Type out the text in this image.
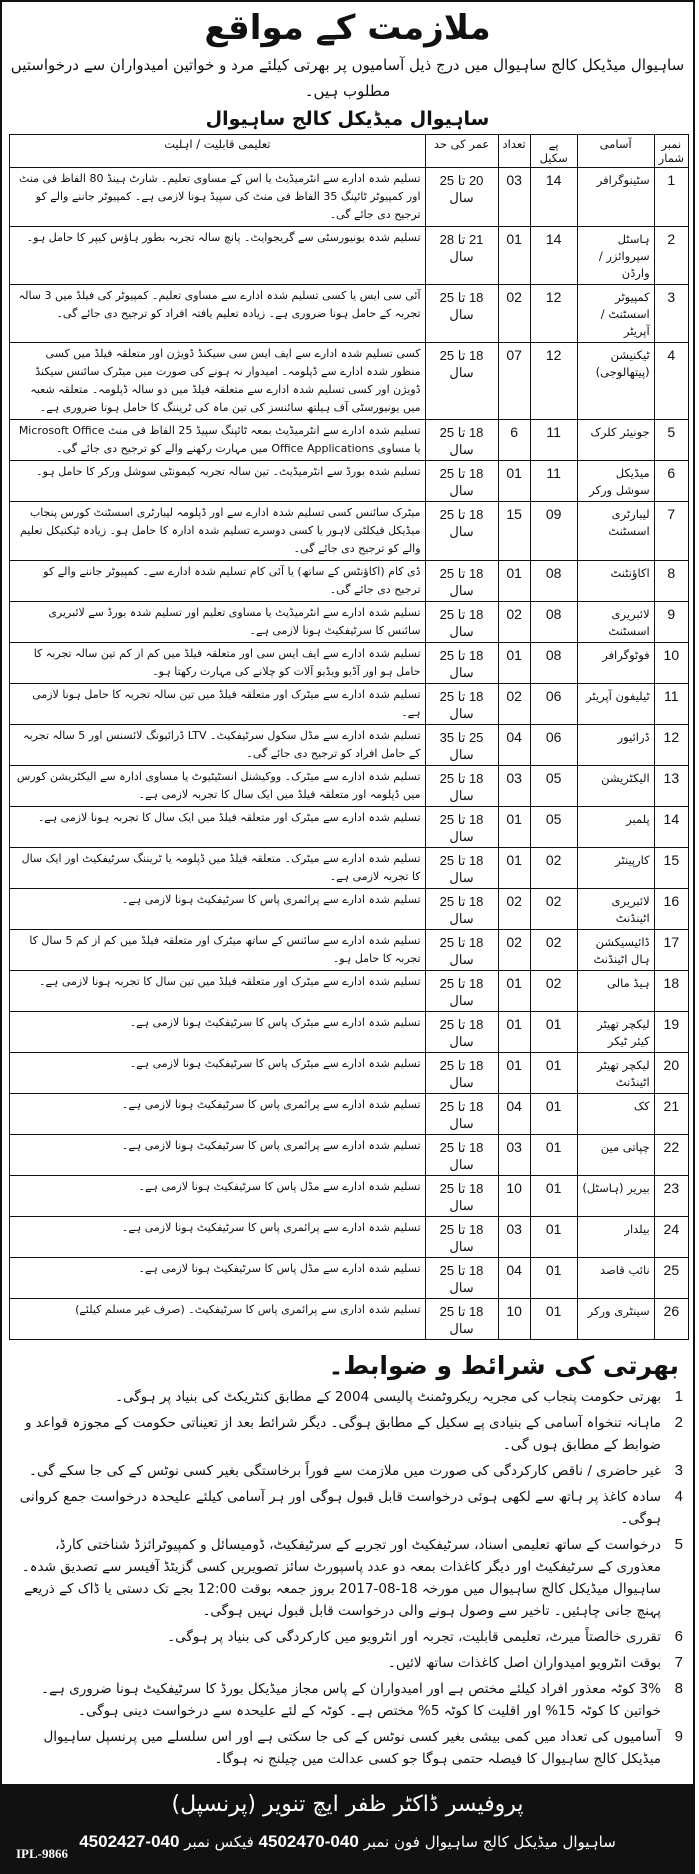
ملازمت کے مواقع
ساہیوال میڈیکل کالج ساہیوال میں درج ذیل آسامیوں پر بھرتی کیلئے مرد و خواتین امیدواران سے درخواستیں مطلوب ہیں۔
ساہیوال میڈیکل کالج ساہیوال
نمبر شمار	آسامی	پے سکیل	تعداد	عمر کی حد	تعلیمی قابلیت / اہلیت
1	سٹینوگرافر	14	03	20 تا 25 سال	تسلیم شدہ ادارے سے انٹرمیڈیٹ یا اس کے مساوی تعلیم۔ شارٹ ہینڈ 80 الفاظ فی منٹ اور کمپیوٹر ٹائپنگ 35 الفاظ فی منٹ کی سپیڈ ہونا لازمی ہے۔ کمپیوٹر جاننے والے کو ترجیح دی جائے گی۔
2	ہاسٹل سپروائزر / وارڈن	14	01	21 تا 28 سال	تسلیم شدہ یونیورسٹی سے گریجوایٹ۔ پانچ سالہ تجربہ بطور ہاؤس کیپر کا حامل ہو۔
3	کمپیوٹر اسسٹنٹ / آپریٹر	12	02	18 تا 25 سال	آئی سی ایس یا کسی تسلیم شدہ ادارے سے مساوی تعلیم۔ کمپیوٹر کی فیلڈ میں 3 سالہ تجربہ کے حامل ہونا ضروری ہے۔ زیادہ تعلیم یافتہ افراد کو ترجیح دی جائے گی۔
4	ٹیکنیشن (پیتھالوجی)	12	07	18 تا 25 سال	کسی تسلیم شدہ ادارے سے ایف ایس سی سیکنڈ ڈویژن اور متعلقہ فیلڈ میں کسی منظور شدہ ادارے سے ڈپلومہ۔ امیدوار نہ ہونے کی صورت میں میٹرک سائنس سیکنڈ ڈویژن اور کسی تسلیم شدہ ادارے سے متعلقہ فیلڈ میں دو سالہ ڈپلومہ۔ متعلقہ شعبہ میں یونیورسٹی آف ہیلتھ سائنسز کی تین ماہ کی ٹریننگ کا حامل ہونا ضروری ہے۔
5	جونیئر کلرک	11	6	18 تا 25 سال	تسلیم شدہ ادارے سے انٹرمیڈیٹ بمعہ ٹائپنگ سپیڈ 25 الفاظ فی منٹ Microsoft Office یا مساوی Office Applications میں مہارت رکھنے والے کو ترجیح دی جائے گی۔
6	میڈیکل سوشل ورکر	11	01	18 تا 25 سال	تسلیم شدہ بورڈ سے انٹرمیڈیٹ۔ تین سالہ تجربہ کیمونٹی سوشل ورکر کا حامل ہو۔
7	لیبارٹری اسسٹنٹ	09	15	18 تا 25 سال	میٹرک سائنس کسی تسلیم شدہ ادارے سے اور ڈپلومہ لیبارٹری اسسٹنٹ کورس پنجاب میڈیکل فیکلٹی لاہور یا کسی دوسرے تسلیم شدہ ادارہ کا حامل ہو۔ زیادہ ٹیکنیکل تعلیم والے کو ترجیح دی جائے گی۔
8	اکاؤنٹنٹ	08	01	18 تا 25 سال	ڈی کام (اکاؤنٹس کے ساتھ) یا آئی کام تسلیم شدہ ادارے سے۔ کمپیوٹر جاننے والے کو ترجیح دی جائے گی۔
9	لائبریری اسسٹنٹ	08	02	18 تا 25 سال	تسلیم شدہ ادارے سے انٹرمیڈیٹ یا مساوی تعلیم اور تسلیم شدہ بورڈ سے لائبریری سائنس کا سرٹیفکیٹ ہونا لازمی ہے۔
10	فوٹوگرافر	08	01	18 تا 25 سال	تسلیم شدہ ادارے سے ایف ایس سی اور متعلقہ فیلڈ میں کم از کم تین سالہ تجربہ کا حامل ہو اور آڈیو ویڈیو آلات کو چلانے کی مہارت رکھتا ہو۔
11	ٹیلیفون آپریٹر	06	02	18 تا 25 سال	تسلیم شدہ ادارے سے میٹرک اور متعلقہ فیلڈ میں تین سالہ تجربہ کا حامل ہونا لازمی ہے۔
12	ڈرائیور	06	04	25 تا 35 سال	تسلیم شدہ ادارے سے مڈل سکول سرٹیفکیٹ۔ LTV ڈرائیونگ لائسنس اور 5 سالہ تجربہ کے حامل افراد کو ترجیح دی جائے گی۔
13	الیکٹریشن	05	03	18 تا 25 سال	تسلیم شدہ ادارے سے میٹرک۔ ووکیشنل انسٹیٹیوٹ یا مساوی ادارہ سے الیکٹریشن کورس میں ڈپلومہ اور متعلقہ فیلڈ میں ایک سال کا تجربہ لازمی ہے۔
14	پلمبر	05	01	18 تا 25 سال	تسلیم شدہ ادارے سے میٹرک اور متعلقہ فیلڈ میں ایک سال کا تجربہ ہونا لازمی ہے۔
15	کارپینٹر	02	01	18 تا 25 سال	تسلیم شدہ ادارے سے میٹرک۔ متعلقہ فیلڈ میں ڈپلومہ یا ٹریننگ سرٹیفکیٹ اور ایک سال کا تجربہ لازمی ہے۔
16	لائبریری اٹینڈنٹ	02	02	18 تا 25 سال	تسلیم شدہ ادارے سے پرائمری پاس کا سرٹیفکیٹ ہونا لازمی ہے۔
17	ڈائیسیکشن ہال اٹینڈنٹ	02	02	18 تا 25 سال	تسلیم شدہ ادارے سے سائنس کے ساتھ میٹرک اور متعلقہ فیلڈ میں کم از کم 5 سال کا تجربہ کا حامل ہو۔
18	ہیڈ مالی	02	01	18 تا 25 سال	تسلیم شدہ ادارے سے میٹرک اور متعلقہ فیلڈ میں تین سال کا تجربہ ہونا لازمی ہے۔
19	لیکچر تھیٹر کیئر ٹیکر	01	01	18 تا 25 سال	تسلیم شدہ ادارے سے میٹرک پاس کا سرٹیفکیٹ ہونا لازمی ہے۔
20	لیکچر تھیٹر اٹینڈنٹ	01	01	18 تا 25 سال	تسلیم شدہ ادارے سے میٹرک پاس کا سرٹیفکیٹ ہونا لازمی ہے۔
21	کک	01	04	18 تا 25 سال	تسلیم شدہ ادارے سے پرائمری پاس کا سرٹیفکیٹ ہونا لازمی ہے۔
22	چپاتی مین	01	03	18 تا 25 سال	تسلیم شدہ ادارے سے پرائمری پاس کا سرٹیفکیٹ ہونا لازمی ہے۔
23	بیریر (ہاسٹل)	01	10	18 تا 25 سال	تسلیم شدہ ادارے سے مڈل پاس کا سرٹیفکیٹ ہونا لازمی ہے۔
24	بیلدار	01	03	18 تا 25 سال	تسلیم شدہ ادارے سے پرائمری پاس کا سرٹیفکیٹ ہونا لازمی ہے۔
25	نائب قاصد	01	04	18 تا 25 سال	تسلیم شدہ ادارے سے مڈل پاس کا سرٹیفکیٹ ہونا لازمی ہے۔
26	سینٹری ورکر	01	10	18 تا 25 سال	تسلیم شدہ اداری سے پرائمری پاس کا سرٹیفکیٹ۔ (صرف غیر مسلم کیلئے)
بھرتی کی شرائط و ضوابط۔
1
بھرتی حکومت پنجاب کی مجریہ ریکروٹمنٹ پالیسی 2004 کے مطابق کنٹریکٹ کی بنیاد پر ہوگی۔
2
ماہانہ تنخواہ آسامی کے بنیادی پے سکیل کے مطابق ہوگی۔ دیگر شرائط بعد از تعیناتی حکومت کے مجوزہ قواعد و ضوابط کے مطابق ہوں گی۔
3
غیر حاضری / ناقص کارکردگی کی صورت میں ملازمت سے فوراً برخاستگی بغیر کسی نوٹس کے کی جا سکے گی۔
4
سادہ کاغذ پر ہاتھ سے لکھی ہوئی درخواست قابل قبول ہوگی اور ہر آسامی کیلئے علیحدہ درخواست جمع کروانی ہوگی۔
5
درخواست کے ساتھ تعلیمی اسناد، سرٹیفکیٹ اور تجربے کے سرٹیفکیٹ، ڈومیسائل و کمپیوٹرائزڈ شناختی کارڈ، معذوری کے سرٹیفکیٹ اور دیگر کاغذات بمعہ دو عدد پاسپورٹ سائز تصویریں کسی گزیٹڈ آفیسر سے تصدیق شدہ۔ ساہیوال میڈیکل کالج ساہیوال میں مورخہ 18-08-2017 بروز جمعہ بوقت 12:00 بجے تک دستی یا ڈاک کے ذریعے پہنچ جانی چاہئیں۔ تاخیر سے وصول ہونے والی درخواست قابل قبول نہیں ہوگی۔
6
تقرری خالصتاً میرٹ، تعلیمی قابلیت، تجربہ اور انٹرویو میں کارکردگی کی بنیاد پر ہوگی۔
7
بوقت انٹرویو امیدواران اصل کاغذات ساتھ لائیں۔
8
3% کوٹہ معذور افراد کیلئے مختص ہے اور امیدواران کے پاس مجاز میڈیکل بورڈ کا سرٹیفکیٹ ہونا ضروری ہے۔ خواتین کا کوٹہ 15% اور اقلیت کا کوٹہ 5% مختص ہے۔ کوٹہ کے لئے علیحدہ سے درخواست دینی ہوگی۔
9
آسامیوں کی تعداد میں کمی بیشی بغیر کسی نوٹس کے کی جا سکتی ہے اور اس سلسلے میں پرنسپل ساہیوال میڈیکل کالج ساہیوال کا فیصلہ حتمی ہوگا جو کسی عدالت میں چیلنج نہ ہوگا۔
پروفیسر ڈاکٹر ظفر ایچ تنویر (پرنسپل)
ساہیوال میڈیکل کالج ساہیوال فون نمبر 040-4502470 فیکس نمبر 040-4502427
IPL-9866
